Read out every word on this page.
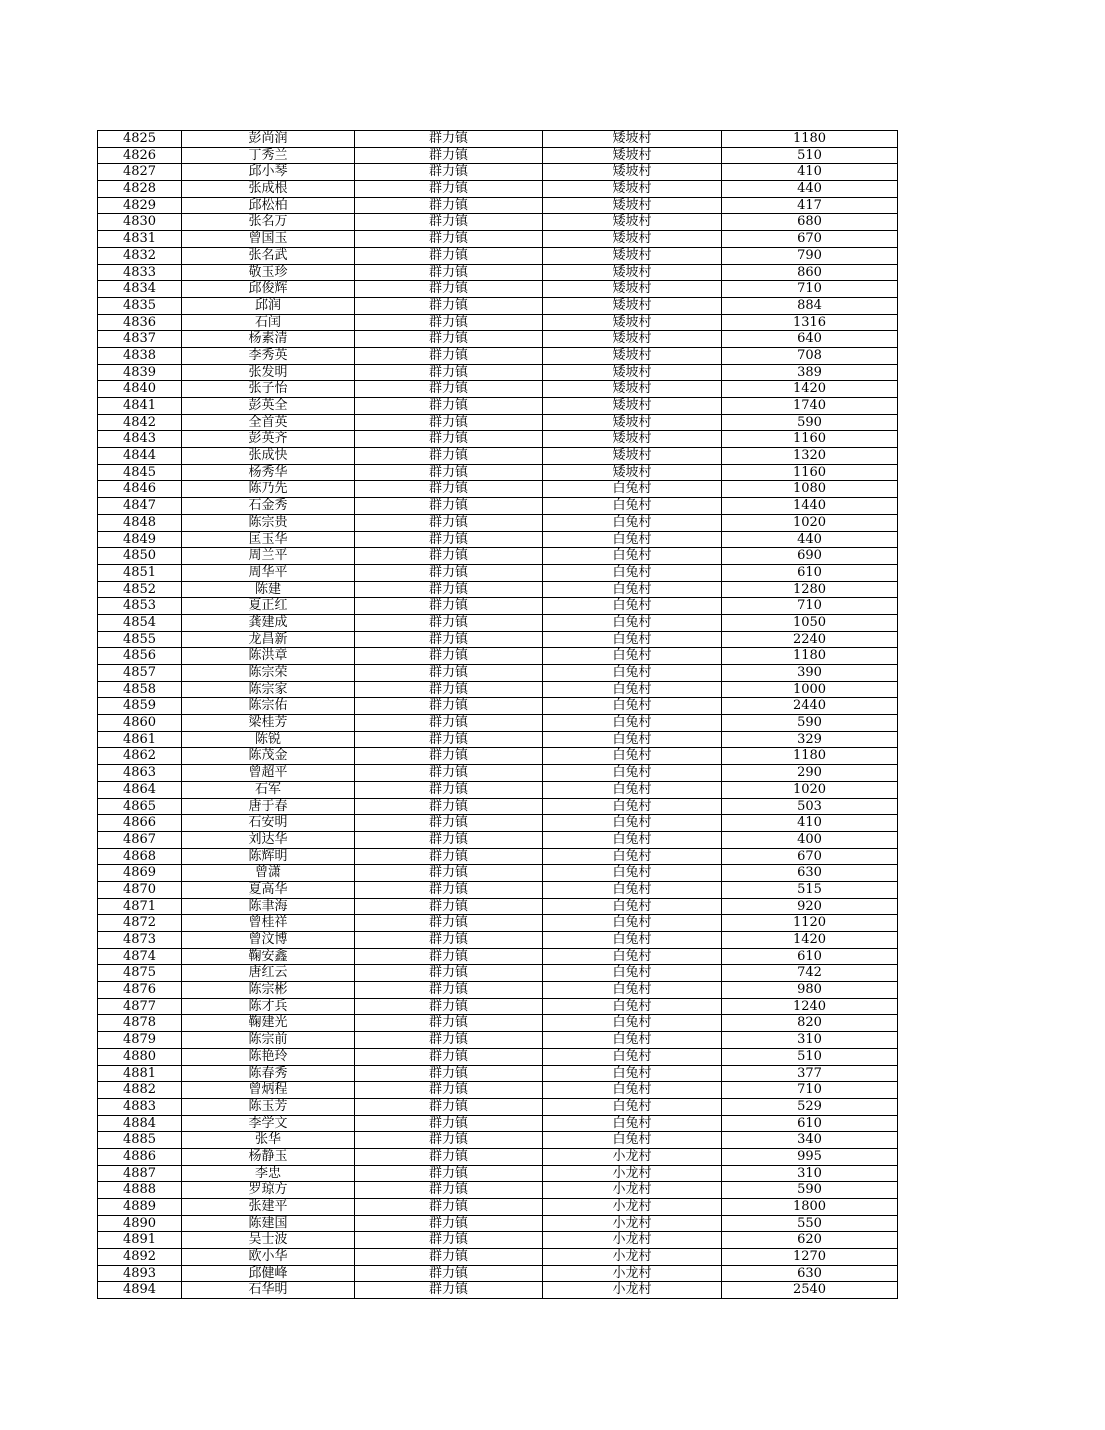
4825	彭尚润	群力镇	矮坡村	1180
4826	丁秀兰	群力镇	矮坡村	510
4827	邱小琴	群力镇	矮坡村	410
4828	张成根	群力镇	矮坡村	440
4829	邱松柏	群力镇	矮坡村	417
4830	张名万	群力镇	矮坡村	680
4831	曾国玉	群力镇	矮坡村	670
4832	张名武	群力镇	矮坡村	790
4833	敬玉珍	群力镇	矮坡村	860
4834	邱俊辉	群力镇	矮坡村	710
4835	邱润	群力镇	矮坡村	884
4836	石闰	群力镇	矮坡村	1316
4837	杨素清	群力镇	矮坡村	640
4838	李秀英	群力镇	矮坡村	708
4839	张发明	群力镇	矮坡村	389
4840	张子怡	群力镇	矮坡村	1420
4841	彭英全	群力镇	矮坡村	1740
4842	全首英	群力镇	矮坡村	590
4843	彭英齐	群力镇	矮坡村	1160
4844	张成快	群力镇	矮坡村	1320
4845	杨秀华	群力镇	矮坡村	1160
4846	陈乃先	群力镇	白兔村	1080
4847	石金秀	群力镇	白兔村	1440
4848	陈宗贵	群力镇	白兔村	1020
4849	匡玉华	群力镇	白兔村	440
4850	周兰平	群力镇	白兔村	690
4851	周华平	群力镇	白兔村	610
4852	陈建	群力镇	白兔村	1280
4853	夏正红	群力镇	白兔村	710
4854	龚建成	群力镇	白兔村	1050
4855	龙昌新	群力镇	白兔村	2240
4856	陈洪章	群力镇	白兔村	1180
4857	陈宗荣	群力镇	白兔村	390
4858	陈宗家	群力镇	白兔村	1000
4859	陈宗佑	群力镇	白兔村	2440
4860	梁桂芳	群力镇	白兔村	590
4861	陈锐	群力镇	白兔村	329
4862	陈茂金	群力镇	白兔村	1180
4863	曾超平	群力镇	白兔村	290
4864	石军	群力镇	白兔村	1020
4865	唐于春	群力镇	白兔村	503
4866	石安明	群力镇	白兔村	410
4867	刘达华	群力镇	白兔村	400
4868	陈辉明	群力镇	白兔村	670
4869	曾潇	群力镇	白兔村	630
4870	夏高华	群力镇	白兔村	515
4871	陈聿海	群力镇	白兔村	920
4872	曾桂祥	群力镇	白兔村	1120
4873	曾汶博	群力镇	白兔村	1420
4874	鞠安鑫	群力镇	白兔村	610
4875	唐红云	群力镇	白兔村	742
4876	陈宗彬	群力镇	白兔村	980
4877	陈才兵	群力镇	白兔村	1240
4878	鞠建光	群力镇	白兔村	820
4879	陈宗前	群力镇	白兔村	310
4880	陈艳玲	群力镇	白兔村	510
4881	陈春秀	群力镇	白兔村	377
4882	曾炳程	群力镇	白兔村	710
4883	陈玉芳	群力镇	白兔村	529
4884	李学文	群力镇	白兔村	610
4885	张华	群力镇	白兔村	340
4886	杨静玉	群力镇	小龙村	995
4887	李忠	群力镇	小龙村	310
4888	罗琼方	群力镇	小龙村	590
4889	张建平	群力镇	小龙村	1800
4890	陈建国	群力镇	小龙村	550
4891	吴士波	群力镇	小龙村	620
4892	欧小华	群力镇	小龙村	1270
4893	邱健峰	群力镇	小龙村	630
4894	石华明	群力镇	小龙村	2540
